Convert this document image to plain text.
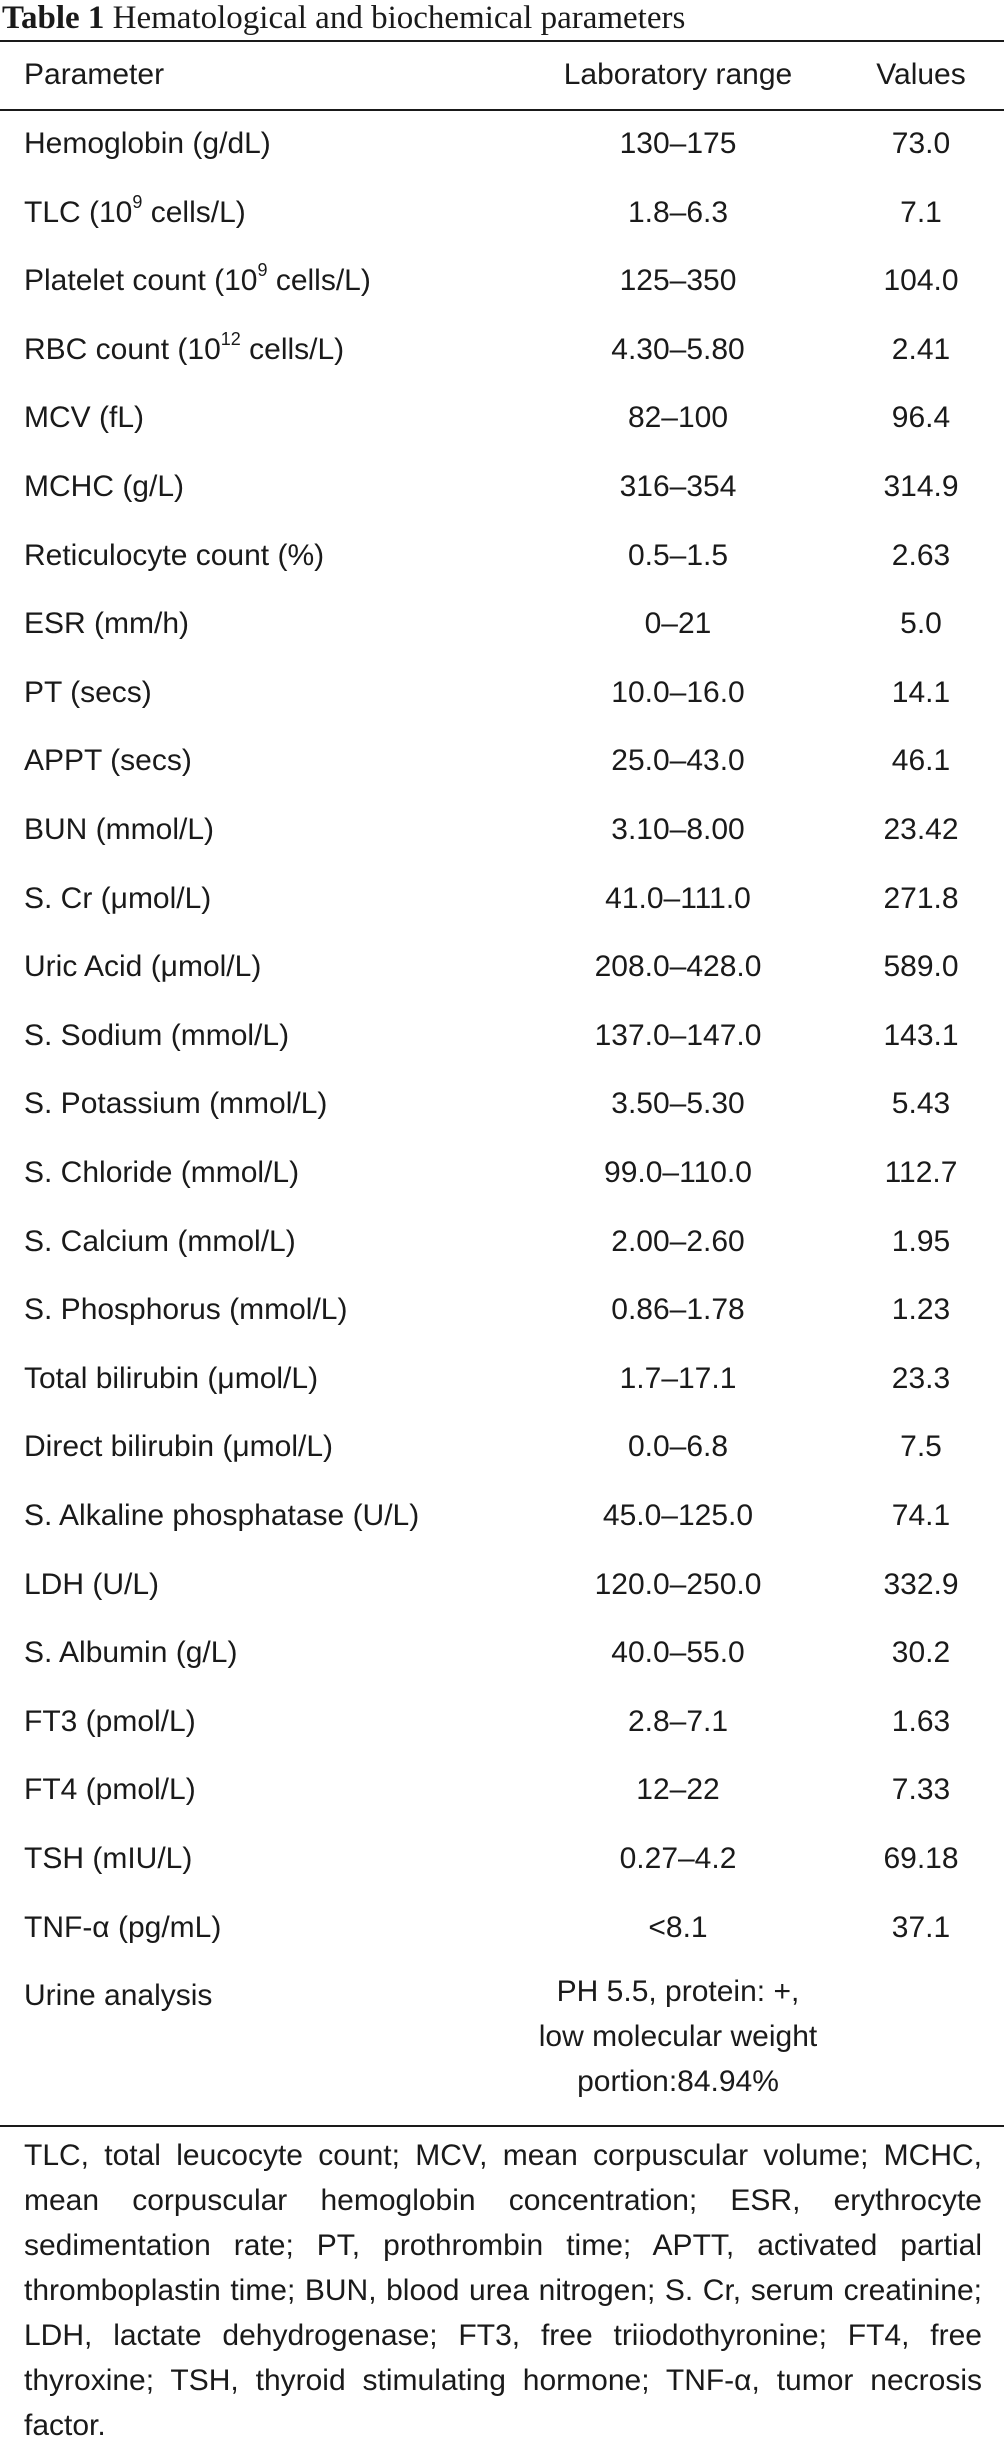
Table 1 Hematological and biochemical parameters
Parameter	Laboratory range	Values
Hemoglobin (g/dL)	130–175	73.0
TLC ($10^9$ cells/L)	1.8–6.3	7.1
Platelet count ($10^9$ cells/L)	125–350	104.0
RBC count ($10^{12}$ cells/L)	4.30–5.80	2.41
MCV (fL)	82–100	96.4
MCHC (g/L)	316–354	314.9
Reticulocyte count (%)	0.5–1.5	2.63
ESR (mm/h)	0–21	5.0
PT (secs)	10.0–16.0	14.1
APPT (secs)	25.0–43.0	46.1
BUN (mmol/L)	3.10–8.00	23.42
S. Cr (μmol/L)	41.0–111.0	271.8
Uric Acid (μmol/L)	208.0–428.0	589.0
S. Sodium (mmol/L)	137.0–147.0	143.1
S. Potassium (mmol/L)	3.50–5.30	5.43
S. Chloride (mmol/L)	99.0–110.0	112.7
S. Calcium (mmol/L)	2.00–2.60	1.95
S. Phosphorus (mmol/L)	0.86–1.78	1.23
Total bilirubin (μmol/L)	1.7–17.1	23.3
Direct bilirubin (μmol/L)	0.0–6.8	7.5
S. Alkaline phosphatase (U/L)	45.0–125.0	74.1
LDH (U/L)	120.0–250.0	332.9
S. Albumin (g/L)	40.0–55.0	30.2
FT3 (pmol/L)	2.8–7.1	1.63
FT4 (pmol/L)	12–22	7.33
TSH (mIU/L)	0.27–4.2	69.18
TNF-α (pg/mL)	<8.1	37.1
Urine analysis	PH 5.5, protein: +,
low molecular weight
portion:84.94%
TLC, total leucocyte count; MCV, mean corpuscular volume; MCHC, mean corpuscular hemoglobin concentration; ESR, erythrocyte sedimentation rate; PT, prothrombin time; APTT, activated partial thromboplastin time; BUN, blood urea nitrogen; S. Cr, serum creatinine; LDH, lactate dehydrogenase; FT3, free triiodothyronine; FT4, free thyroxine; TSH, thyroid stimulating hormone; TNF-α, tumor necrosis factor.
